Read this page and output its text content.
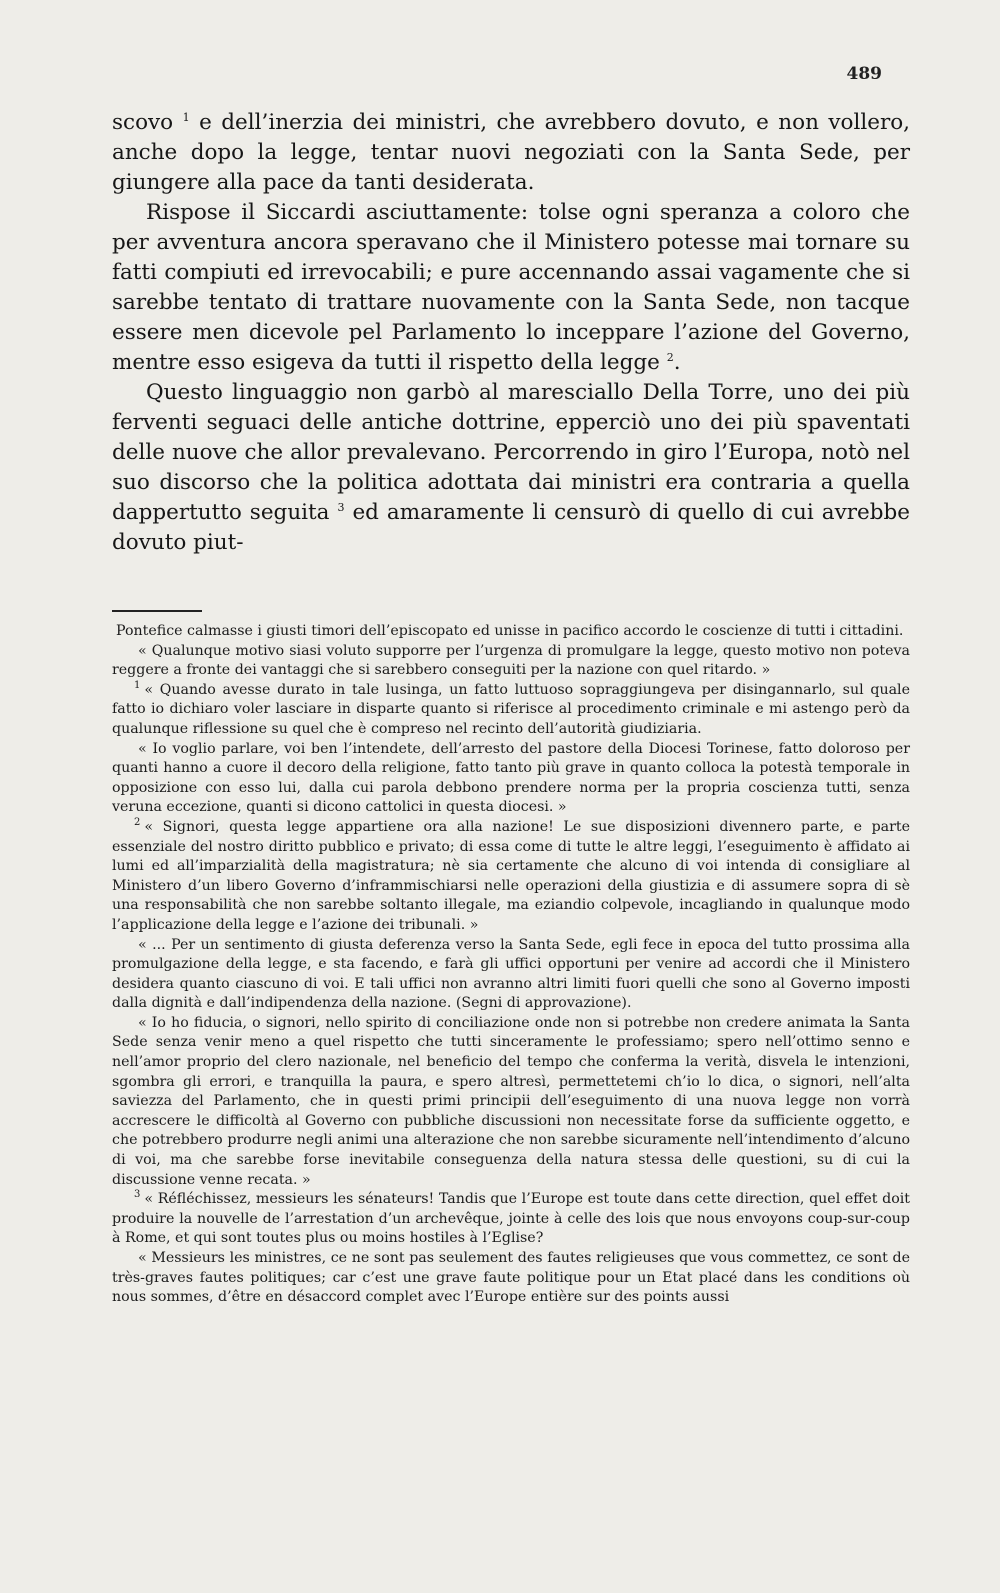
489

scovo $^1$ e dell’inerzia dei ministri, che avrebbero dovuto, e non vollero, anche dopo la legge, tentar nuovi negoziati con la Santa Sede, per giungere alla pace da tanti desiderata.

Rispose il Siccardi asciuttamente: tolse ogni speranza a coloro che per avventura ancora speravano che il Ministero potesse mai tornare su fatti compiuti ed irrevocabili; e pure accennando assai vagamente che si sarebbe tentato di trattare nuovamente con la Santa Sede, non tacque essere men dicevole pel Parlamento lo inceppare l’azione del Governo, mentre esso esigeva da tutti il rispetto della legge $^2$.

Questo linguaggio non garbò al maresciallo Della Torre, uno dei più ferventi seguaci delle antiche dottrine, epperciò uno dei più spaventati delle nuove che allor prevalevano. Percorrendo in giro l’Europa, notò nel suo discorso che la politica adottata dai ministri era contraria a quella dappertutto seguita $^3$ ed amaramente li censurò di quello di cui avrebbe dovuto piut-

Pontefice calmasse i giusti timori dell’episcopato ed unisse in pacifico accordo le coscienze di tutti i cittadini.

« Qualunque motivo siasi voluto supporre per l’urgenza di promulgare la legge, questo motivo non poteva reggere a fronte dei vantaggi che si sarebbero conseguiti per la nazione con quel ritardo. »

$^1$ « Quando avesse durato in tale lusinga, un fatto luttuoso sopraggiungeva per disingannarlo, sul quale fatto io dichiaro voler lasciare in disparte quanto si riferisce al procedimento criminale e mi astengo però da qualunque riflessione su quel che è compreso nel recinto dell’autorità giudiziaria.

« Io voglio parlare, voi ben l’intendete, dell’arresto del pastore della Diocesi Torinese, fatto doloroso per quanti hanno a cuore il decoro della religione, fatto tanto più grave in quanto colloca la potestà temporale in opposizione con esso lui, dalla cui parola debbono prendere norma per la propria coscienza tutti, senza veruna eccezione, quanti si dicono cattolici in questa diocesi. »

$^2$ « Signori, questa legge appartiene ora alla nazione! Le sue disposizioni divennero parte, e parte essenziale del nostro diritto pubblico e privato; di essa come di tutte le altre leggi, l’eseguimento è affidato ai lumi ed all’imparzialità della magistratura; nè sia certamente che alcuno di voi intenda di consigliare al Ministero d’un libero Governo d’inframmischiarsi nelle operazioni della giustizia e di assumere sopra di sè una responsabilità che non sarebbe soltanto illegale, ma eziandio colpevole, incagliando in qualunque modo l’applicazione della legge e l’azione dei tribunali. »

« ... Per un sentimento di giusta deferenza verso la Santa Sede, egli fece in epoca del tutto prossima alla promulgazione della legge, e sta facendo, e farà gli uffici opportuni per venire ad accordi che il Ministero desidera quanto ciascuno di voi. E tali uffici non avranno altri limiti fuori quelli che sono al Governo imposti dalla dignità e dall’indipendenza della nazione. (Segni di approvazione).

« Io ho fiducia, o signori, nello spirito di conciliazione onde non si potrebbe non credere animata la Santa Sede senza venir meno a quel rispetto che tutti sinceramente le professiamo; spero nell’ottimo senno e nell’amor proprio del clero nazionale, nel beneficio del tempo che conferma la verità, disvela le intenzioni, sgombra gli errori, e tranquilla la paura, e spero altresì, permettetemi ch’io lo dica, o signori, nell’alta saviezza del Parlamento, che in questi primi principii dell’eseguimento di una nuova legge non vorrà accrescere le difficoltà al Governo con pubbliche discussioni non necessitate forse da sufficiente oggetto, e che potrebbero produrre negli animi una alterazione che non sarebbe sicuramente nell’intendimento d’alcuno di voi, ma che sarebbe forse inevitabile conseguenza della natura stessa delle questioni, su di cui la discussione venne recata. »

$^3$ « Réfléchissez, messieurs les sénateurs! Tandis que l’Europe est toute dans cette direction, quel effet doit produire la nouvelle de l’arrestation d’un archevêque, jointe à celle des lois que nous envoyons coup-sur-coup à Rome, et qui sont toutes plus ou moins hostiles à l’Eglise?

« Messieurs les ministres, ce ne sont pas seulement des fautes religieuses que vous commettez, ce sont de très-graves fautes politiques; car c’est une grave faute politique pour un Etat placé dans les conditions où nous sommes, d’être en désaccord complet avec l’Europe entière sur des points aussi
